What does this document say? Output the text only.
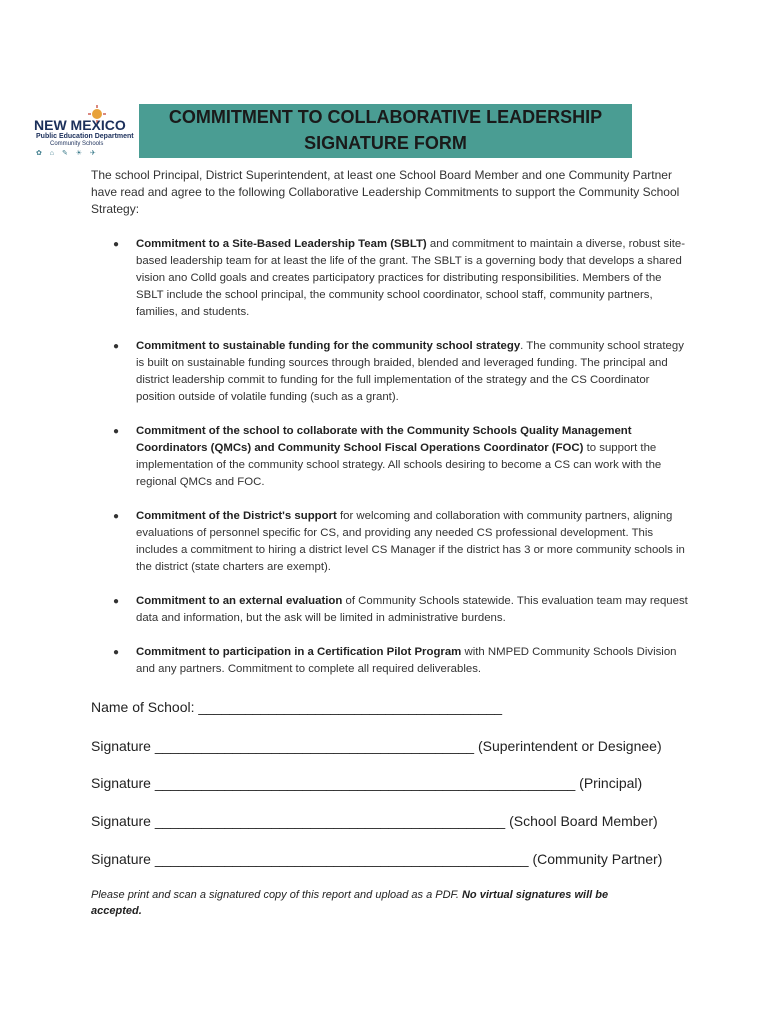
NEW MEXICO
Public Education Department
Community Schools
✿ ⌂ ✎ ☀ ✈
COMMITMENT TO COLLABORATIVE LEADERSHIP
SIGNATURE FORM
The school Principal, District Superintendent, at least one School Board Member and one Community Partner have read and agree to the following Collaborative Leadership Commitments to support the Community School Strategy:
● Commitment to a Site-Based Leadership Team (SBLT) and commitment to maintain a diverse, robust site-based leadership team for at least the life of the grant. The SBLT is a governing body that develops a shared vision ano Colld goals and creates participatory practices for distributing responsibilities. Members of the SBLT include the school principal, the community school coordinator, school staff, community partners, families, and students.
● Commitment to sustainable funding for the community school strategy. The community school strategy is built on sustainable funding sources through braided, blended and leveraged funding. The principal and district leadership commit to funding for the full implementation of the strategy and the CS Coordinator position outside of volatile funding (such as a grant).
● Commitment of the school to collaborate with the Community Schools Quality Management Coordinators (QMCs) and Community School Fiscal Operations Coordinator (FOC) to support the implementation of the community school strategy. All schools desiring to become a CS can work with the regional QMCs and FOC.
● Commitment of the District's support for welcoming and collaboration with community partners, aligning evaluations of personnel specific for CS, and providing any needed CS professional development. This includes a commitment to hiring a district level CS Manager if the district has 3 or more community schools in the district (state charters are exempt).
● Commitment to an external evaluation of Community Schools statewide. This evaluation team may request data and information, but the ask will be limited in administrative burdens.
● Commitment to participation in a Certification Pilot Program with NMPED Community Schools Division and any partners. Commitment to complete all required deliverables.
Name of School: _______________________________________
Signature _________________________________________ (Superintendent or Designee)
Signature ______________________________________________________ (Principal)
Signature _____________________________________________ (School Board Member)
Signature ________________________________________________ (Community Partner)
Please print and scan a signatured copy of this report and upload as a PDF. No virtual signatures will be accepted.
